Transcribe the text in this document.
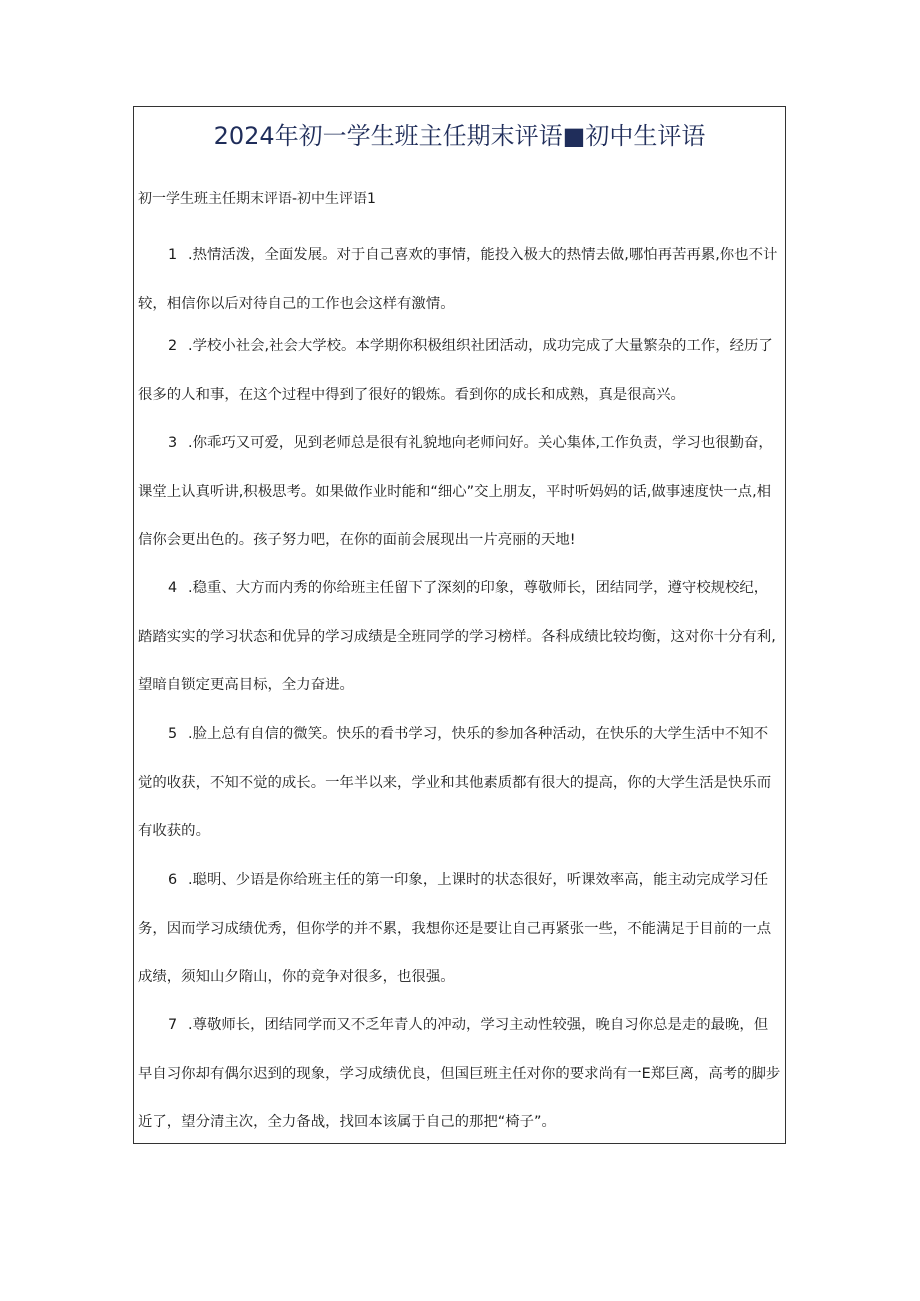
2024年初一学生班主任期末评语■初中生评语
初一学生班主任期末评语-初中生评语1
1 .热情活泼，全面发展。对于自己喜欢的事情，能投入极大的热情去做,哪怕再苦再累,你也不计
较，相信你以后对待自己的工作也会这样有激情。
2 .学校小社会,社会大学校。本学期你积极组织社团活动，成功完成了大量繁杂的工作，经历了
很多的人和事，在这个过程中得到了很好的锻炼。看到你的成长和成熟，真是很高兴。
3 .你乖巧又可爱，见到老师总是很有礼貌地向老师问好。关心集体,工作负责，学习也很勤奋，
课堂上认真听讲,积极思考。如果做作业时能和“细心”交上朋友，平时听妈妈的话,做事速度快一点,相
信你会更出色的。孩子努力吧，在你的面前会展现出一片亮丽的天地!
4 .稳重、大方而内秀的你给班主任留下了深刻的印象，尊敬师长，团结同学，遵守校规校纪，
踏踏实实的学习状态和优异的学习成绩是全班同学的学习榜样。各科成绩比较均衡，这对你十分有利,
望暗自锁定更高目标，全力奋进。
5 .脸上总有自信的微笑。快乐的看书学习，快乐的参加各种活动，在快乐的大学生活中不知不
觉的收获，不知不觉的成长。一年半以来，学业和其他素质都有很大的提高，你的大学生活是快乐而
有收获的。
6 .聪明、少语是你给班主任的第一印象，上课时的状态很好，听课效率高，能主动完成学习任
务，因而学习成绩优秀，但你学的并不累，我想你还是要让自己再紧张一些，不能满足于目前的一点
成绩，须知山夕隋山，你的竞争对很多，也很强。
7 .尊敬师长，团结同学而又不乏年青人的冲动，学习主动性较强，晚自习你总是走的最晚，但
早自习你却有偶尔迟到的现象，学习成绩优良，但国巨班主任对你的要求尚有一E郑巨离，高考的脚步
近了，望分清主次，全力备战，找回本该属于自己的那把“椅子”。
